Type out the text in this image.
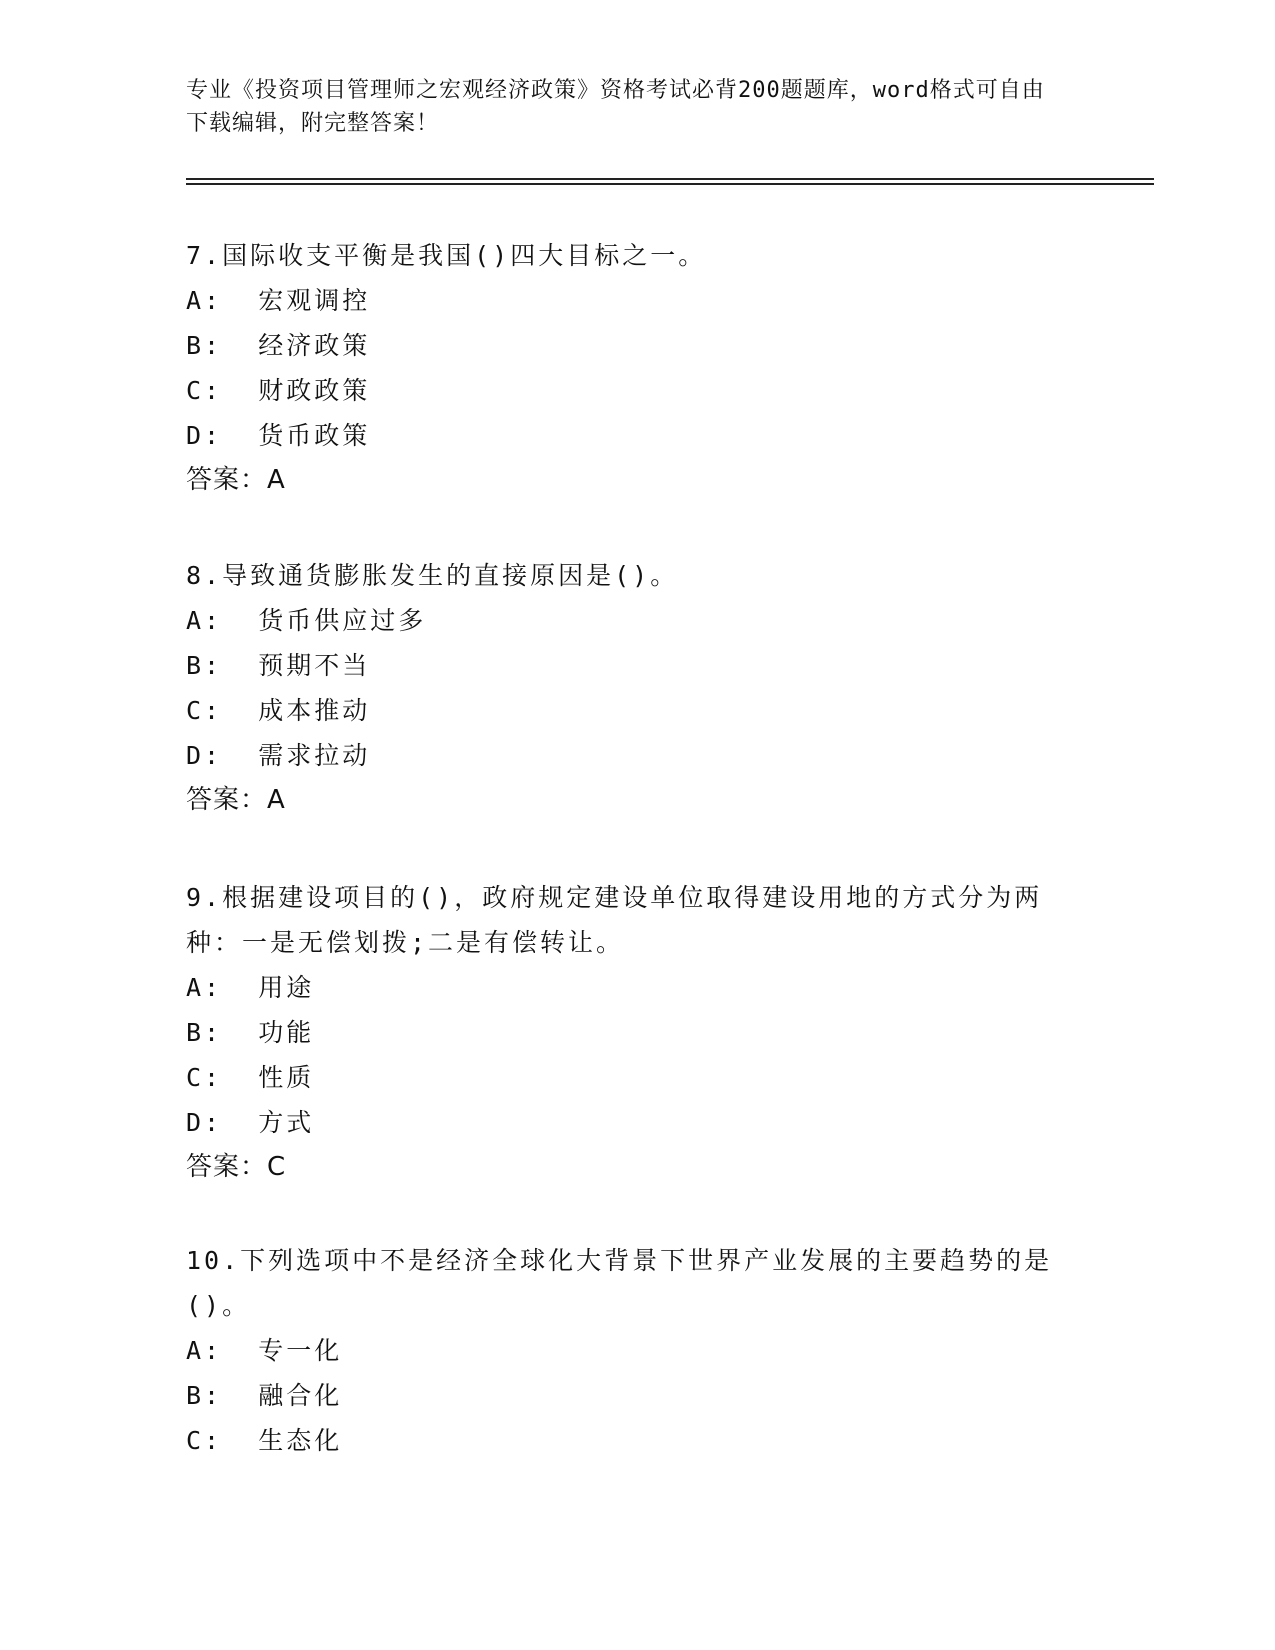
专业《投资项目管理师之宏观经济政策》资格考试必背200题题库，word格式可自由下载编辑，附完整答案！

7.国际收支平衡是我国()四大目标之一。

A:  宏观调控
B:  经济政策
C:  财政政策
D:  货币政策
答案：A

8.导致通货膨胀发生的直接原因是()。

A:  货币供应过多
B:  预期不当
C:  成本推动
D:  需求拉动
答案：A

9.根据建设项目的()，政府规定建设单位取得建设用地的方式分为两种：一是无偿划拨;二是有偿转让。

A:  用途
B:  功能
C:  性质
D:  方式
答案：C

10.下列选项中不是经济全球化大背景下世界产业发展的主要趋势的是()。

A:  专一化
B:  融合化
C:  生态化
